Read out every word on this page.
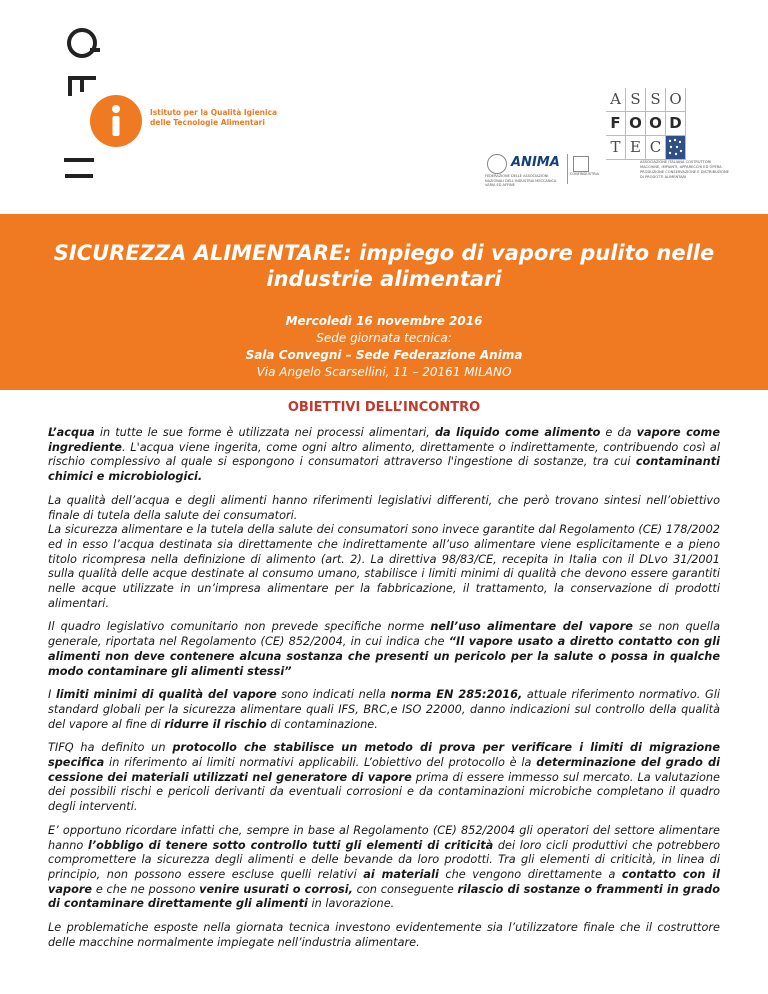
Istituto per la Qualità Igienica
delle Tecnologie Alimentari
A S S O
F O O D
T E C
ASSOCIAZIONE ITALIANA COSTRUTTORI MACCHINE, IMPIANTI, APPARECCHI ED OPERA PRODUZIONE CONSERVAZIONE E DISTRIBUZIONE DI PRODOTTI ALIMENTARI
ANIMA
FEDERAZIONE DELLE ASSOCIAZIONI NAZIONALI DELL'INDUSTRIA MECCANICA VARIA ED AFFINE
CONFINDUSTRIA
SICUREZZA ALIMENTARE: impiego di vapore pulito nelle
industrie alimentari
Mercoledì 16 novembre 2016
Sede giornata tecnica:
Sala Convegni – Sede Federazione Anima
Via Angelo Scarsellini, 11 – 20161 MILANO
OBIETTIVI DELL’INCONTRO

L’acqua in tutte le sue forme è utilizzata nei processi alimentari, da liquido come alimento e da vapore come ingrediente. L'acqua viene ingerita, come ogni altro alimento, direttamente o indirettamente, contribuendo così al rischio complessivo al quale si espongono i consumatori attraverso l'ingestione di sostanze, tra cui contaminanti chimici e microbiologici.

La qualità dell’acqua e degli alimenti hanno riferimenti legislativi differenti, che però trovano sintesi nell’obiettivo finale di tutela della salute dei consumatori.
La sicurezza alimentare e la tutela della salute dei consumatori sono invece garantite dal Regolamento (CE) 178/2002 ed in esso l’acqua destinata sia direttamente che indirettamente all’uso alimentare viene esplicitamente e a pieno titolo ricompresa nella definizione di alimento (art. 2). La direttiva 98/83/CE, recepita in Italia con il DLvo 31/2001 sulla qualità delle acque destinate al consumo umano, stabilisce i limiti minimi di qualità che devono essere garantiti nelle acque utilizzate in un’impresa alimentare per la fabbricazione, il trattamento, la conservazione di prodotti alimentari.

Il quadro legislativo comunitario non prevede specifiche norme nell’uso alimentare del vapore se non quella generale, riportata nel Regolamento (CE) 852/2004, in cui indica che “Il vapore usato a diretto contatto con gli alimenti non deve contenere alcuna sostanza che presenti un pericolo per la salute o possa in qualche modo contaminare gli alimenti stessi”

I limiti minimi di qualità del vapore sono indicati nella norma EN 285:2016, attuale riferimento normativo. Gli standard globali per la sicurezza alimentare quali IFS, BRC,e ISO 22000, danno indicazioni sul controllo della qualità del vapore al fine di ridurre il rischio di contaminazione.

TIFQ ha definito un protocollo che stabilisce un metodo di prova per verificare i limiti di migrazione specifica in riferimento ai limiti normativi applicabili. L’obiettivo del protocollo è la determinazione del grado di cessione dei materiali utilizzati nel generatore di vapore prima di essere immesso sul mercato. La valutazione dei possibili rischi e pericoli derivanti da eventuali corrosioni e da contaminazioni microbiche completano il quadro degli interventi.

E’ opportuno ricordare infatti che, sempre in base al Regolamento (CE) 852/2004 gli operatori del settore alimentare hanno l’obbligo di tenere sotto controllo tutti gli elementi di criticità dei loro cicli produttivi che potrebbero compromettere la sicurezza degli alimenti e delle bevande da loro prodotti. Tra gli elementi di criticità, in linea di principio, non possono essere escluse quelli relativi ai materiali che vengono direttamente a contatto con il vapore e che ne possono venire usurati o corrosi, con conseguente rilascio di sostanze o frammenti in grado di contaminare direttamente gli alimenti in lavorazione.

Le problematiche esposte nella giornata tecnica investono evidentemente sia l’utilizzatore finale che il costruttore delle macchine normalmente impiegate nell’industria alimentare.
